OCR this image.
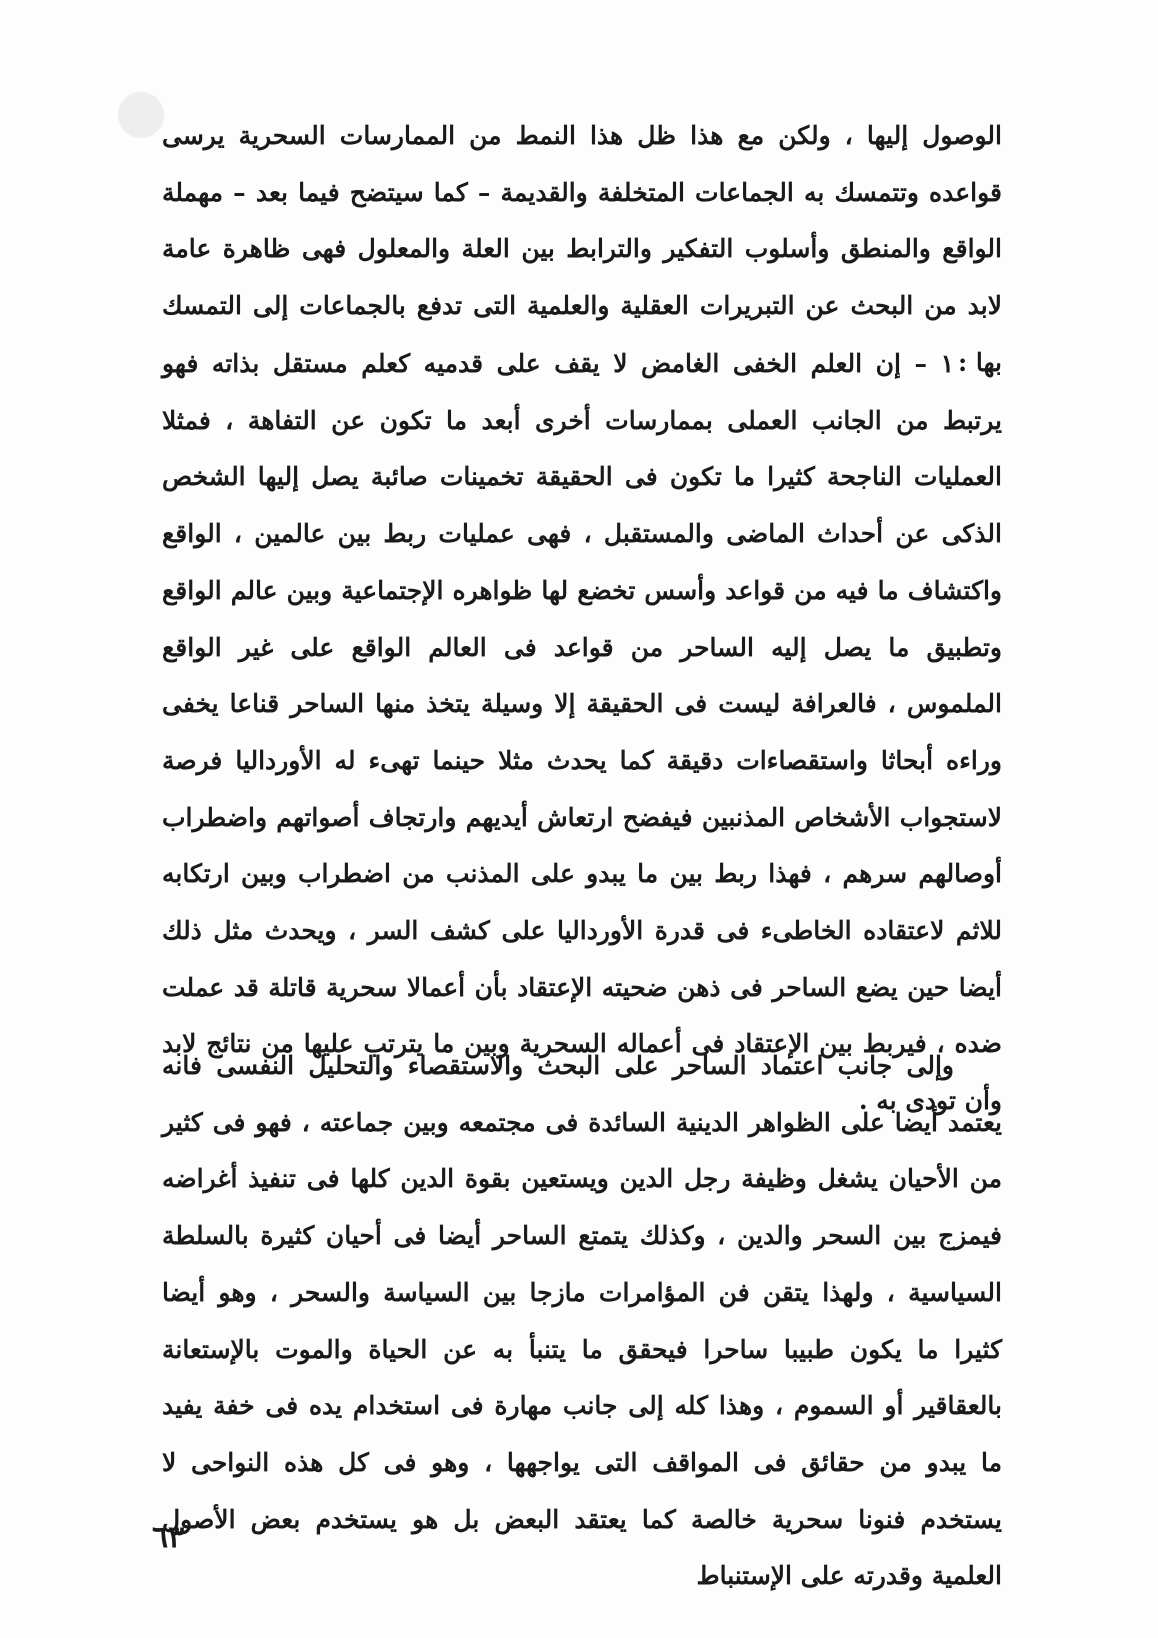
الوصول إليها ، ولكن مع هذا ظل هذا النمط من الممارسات السحرية يرسى قواعده وتتمسك به الجماعات المتخلفة والقديمة – كما سيتضح فيما بعد – مهملة الواقع والمنطق وأسلوب التفكير والترابط بين العلة والمعلول فهى ظاهرة عامة لابد من البحث عن التبريرات العقلية والعلمية التى تدفع بالجماعات إلى التمسك بها :

١ – إن العلم الخفى الغامض لا يقف على قدميه كعلم مستقل بذاته فهو يرتبط من الجانب العملى بممارسات أخرى أبعد ما تكون عن التفاهة ، فمثلا العمليات الناجحة كثيرا ما تكون فى الحقيقة تخمينات صائبة يصل إليها الشخص الذكى عن أحداث الماضى والمستقبل ، فهى عمليات ربط بين عالمين ، الواقع واكتشاف ما فيه من قواعد وأسس تخضع لها ظواهره الإجتماعية وبين عالم الواقع وتطبيق ما يصل إليه الساحر من قواعد فى العالم الواقع على غير الواقع الملموس ، فالعرافة ليست فى الحقيقة إلا وسيلة يتخذ منها الساحر قناعا يخفى وراءه أبحاثا واستقصاءات دقيقة كما يحدث مثلا حينما تهىء له الأورداليا فرصة لاستجواب الأشخاص المذنبين فيفضح ارتعاش أيديهم وارتجاف أصواتهم واضطراب أوصالهم سرهم ، فهذا ربط بين ما يبدو على المذنب من اضطراب وبين ارتكابه للاثم لاعتقاده الخاطىء فى قدرة الأورداليا على كشف السر ، ويحدث مثل ذلك أيضا حين يضع الساحر فى ذهن ضحيته الإعتقاد بأن أعمالا سحرية قاتلة قد عملت ضده ، فيربط بين الإعتقاد فى أعماله السحرية وبين ما يترتب عليها من نتائج لابد وأن تودى به .

وإلى جانب اعتماد الساحر على البحث والاستقصاء والتحليل النفسى فانه يعتمد أيضا على الظواهر الدينية السائدة فى مجتمعه وبين جماعته ، فهو فى كثير من الأحيان يشغل وظيفة رجل الدين ويستعين بقوة الدين كلها فى تنفيذ أغراضه فيمزج بين السحر والدين ، وكذلك يتمتع الساحر أيضا فى أحيان كثيرة بالسلطة السياسية ، ولهذا يتقن فن المؤامرات مازجا بين السياسة والسحر ، وهو أيضا كثيرا ما يكون طبيبا ساحرا فيحقق ما يتنبأ به عن الحياة والموت بالإستعانة بالعقاقير أو السموم ، وهذا كله إلى جانب مهارة فى استخدام يده فى خفة يفيد ما يبدو من حقائق فى المواقف التى يواجهها ، وهو فى كل هذه النواحى لا يستخدم فنونا سحرية خالصة كما يعتقد البعض بل هو يستخدم بعض الأصول العلمية وقدرته على الإستنباط

٦٣
